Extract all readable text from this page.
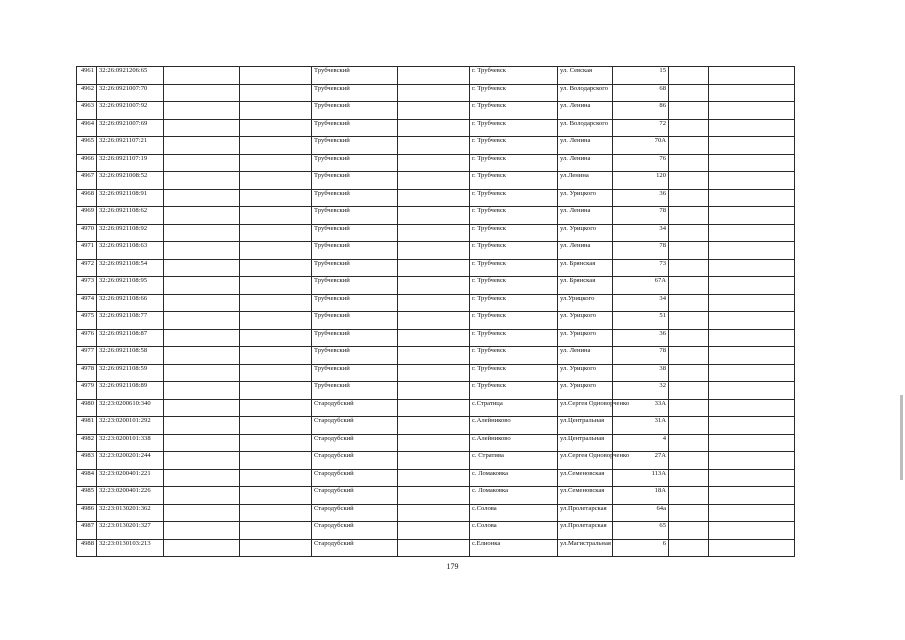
4961	32:26:0921206:65			Трубчевский		г. Трубчевск	ул. Севская	15		
4962	32:26:0921007:70			Трубчевский		г. Трубчевск	ул. Володарского	68		
4963	32:26:0921007:92			Трубчевский		г. Трубчевск	ул. Ленина	86		
4964	32:26:0921007:69			Трубчевский		г. Трубчевск	ул. Володарского	72		
4965	32:26:0921107:21			Трубчевский		г. Трубчевск	ул. Ленина	70А		
4966	32:26:0921107:19			Трубчевский		г. Трубчевск	ул. Ленина	76		
4967	32:26:0921008:52			Трубчевский		г. Трубчевск	ул.Ленина	120		
4968	32:26:0921108:91			Трубчевский		г. Трубчевск	ул. Урицкого	36		
4969	32:26:0921108:62			Трубчевский		г. Трубчевск	ул. Ленина	78		
4970	32:26:0921108:92			Трубчевский		г. Трубчевск	ул. Урицкого	34		
4971	32:26:0921108:63			Трубчевский		г. Трубчевск	ул. Ленина	78		
4972	32:26:0921108:54			Трубчевский		г. Трубчевск	ул. Брянская	73		
4973	32:26:0921108:95			Трубчевский		г. Трубчевск	ул. Брянская	67А		
4974	32:26:0921108:66			Трубчевский		г. Трубчевск	ул.Урицкого	34		
4975	32:26:0921108:77			Трубчевский		г. Трубчевск	ул. Урицкого	51		
4976	32:26:0921108:87			Трубчевский		г. Трубчевск	ул. Урицкого	36		
4977	32:26:0921108:58			Трубчевский		г. Трубчевск	ул. Ленина	78		
4978	32:26:0921108:59			Трубчевский		г. Трубчевск	ул. Урицкого	38		
4979	32:26:0921108:89			Трубчевский		г. Трубчевск	ул. Урицкого	32		
4980	32:23:0200610:340			Стародубский		с.Стратица	ул.Сергея Одноворченко	33А		
4981	32:23:0200101:292			Стародубский		с.Алейниково	ул.Центральная	31А		
4982	32:23:0200101:338			Стародубский		с.Алейниково	ул.Центральная	4		
4983	32:23:0200201:244			Стародубский		с. Стратива	ул.Сергея Одноворченко	27А		
4984	32:23:0200401:221			Стародубский		с. Ломаковка	ул.Семеновская	113А		
4985	32:23:0200401:226			Стародубский		с. Ломаковка	ул.Семеновская	18А		
4986	32:23:0130201:362			Стародубский		с.Солова	ул.Пролетарская	64а		
4987	32:23:0130201:327			Стародубский		с.Солова	ул.Пролетарская	65		
4988	32:23:0130103:213			Стародубский		с.Елионка	ул.Магистральная	6		
179
